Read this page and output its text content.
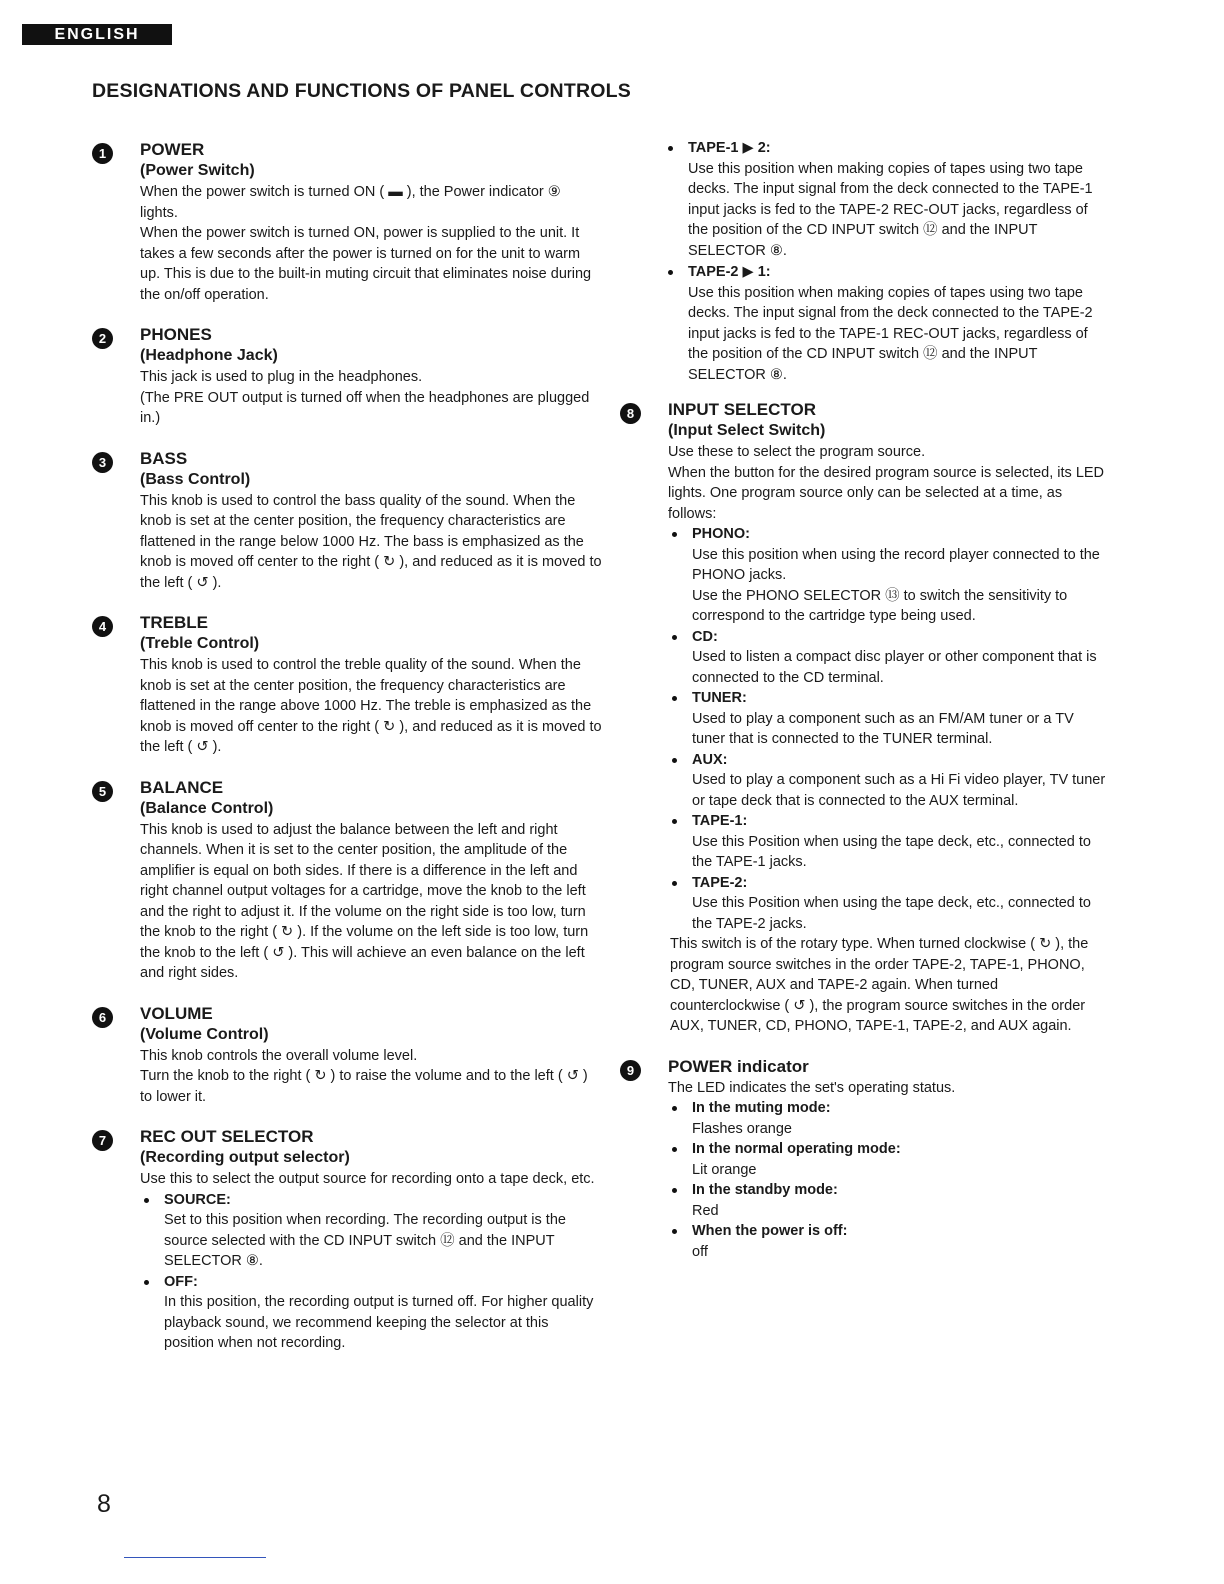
ENGLISH
DESIGNATIONS AND FUNCTIONS OF PANEL CONTROLS
1	POWER
(Power Switch)

When the power switch is turned ON ( ▬ ), the Power indicator ⑨ lights.

When the power switch is turned ON, power is supplied to the unit. It takes a few seconds after the power is turned on for the unit to warm up. This is due to the built-in muting circuit that eliminates noise during the on/off operation.

2	PHONES
(Headphone Jack)

This jack is used to plug in the headphones.

(The PRE OUT output is turned off when the headphones are plugged in.)

3	BASS
(Bass Control)

This knob is used to control the bass quality of the sound. When the knob is set at the center position, the frequency characteristics are flattened in the range below 1000 Hz. The bass is emphasized as the knob is moved off center to the right ( ↻ ), and reduced as it is moved to the left ( ↺ ).

4	TREBLE
(Treble Control)

This knob is used to control the treble quality of the sound. When the knob is set at the center position, the frequency characteristics are flattened in the range above 1000 Hz. The treble is emphasized as the knob is moved off center to the right ( ↻ ), and reduced as it is moved to the left ( ↺ ).

5	BALANCE
(Balance Control)

This knob is used to adjust the balance between the left and right channels. When it is set to the center position, the amplitude of the amplifier is equal on both sides. If there is a difference in the left and right channel output voltages for a cartridge, move the knob to the left and the right to adjust it. If the volume on the right side is too low, turn the knob to the right ( ↻ ). If the volume on the left side is too low, turn the knob to the left ( ↺ ). This will achieve an even balance on the left and right sides.

6	VOLUME
(Volume Control)

This knob controls the overall volume level.

Turn the knob to the right ( ↻ ) to raise the volume and to the left ( ↺ ) to lower it.

7	REC OUT SELECTOR
(Recording output selector)

Use this to select the output source for recording onto a tape deck, etc.

SOURCE:

Set to this position when recording. The recording output is the source selected with the CD INPUT switch ⑫ and the INPUT SELECTOR ⑧.

OFF:

In this position, the recording output is turned off. For higher quality playback sound, we recommend keeping the selector at this position when not recording.

TAPE-1 ▶ 2:

Use this position when making copies of tapes using two tape decks. The input signal from the deck connected to the TAPE-1 input jacks is fed to the TAPE-2 REC-OUT jacks, regardless of the position of the CD INPUT switch ⑫ and the INPUT SELECTOR ⑧.

TAPE-2 ▶ 1:

Use this position when making copies of tapes using two tape decks. The input signal from the deck connected to the TAPE-2 input jacks is fed to the TAPE-1 REC-OUT jacks, regardless of the position of the CD INPUT switch ⑫ and the INPUT SELECTOR ⑧.

8	INPUT SELECTOR
(Input Select Switch)

Use these to select the program source.

When the button for the desired program source is selected, its LED lights. One program source only can be selected at a time, as follows:

PHONO:

Use this position when using the record player connected to the PHONO jacks.

Use the PHONO SELECTOR ⑬ to switch the sensitivity to correspond to the cartridge type being used.

CD:

Used to listen a compact disc player or other component that is connected to the CD terminal.

TUNER:

Used to play a component such as an FM/AM tuner or a TV tuner that is connected to the TUNER terminal.

AUX:

Used to play a component such as a Hi Fi video player, TV tuner or tape deck that is connected to the AUX terminal.

TAPE-1:

Use this Position when using the tape deck, etc., connected to the TAPE-1 jacks.

TAPE-2:

Use this Position when using the tape deck, etc., connected to the TAPE-2 jacks.

This switch is of the rotary type. When turned clockwise ( ↻ ), the program source switches in the order TAPE-2, TAPE-1, PHONO, CD, TUNER, AUX and TAPE-2 again. When turned counterclockwise ( ↺ ), the program source switches in the order AUX, TUNER, CD, PHONO, TAPE-1, TAPE-2, and AUX again.

9	POWER indicator

The LED indicates the set's operating status.

In the muting mode:

Flashes orange

In the normal operating mode:

Lit orange

In the standby mode:

Red

When the power is off:

off

8
